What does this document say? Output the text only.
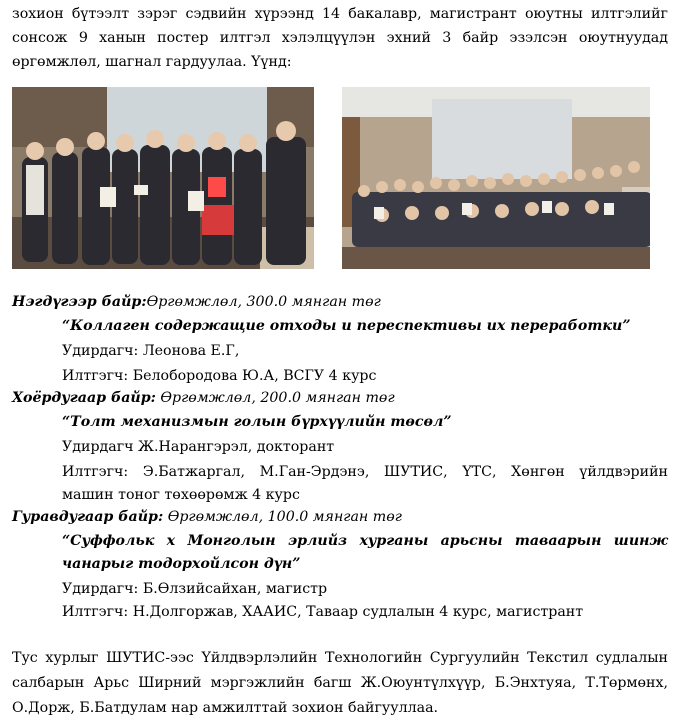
зохион бүтээлт зэрэг сэдвийн хүрээнд 14 бакалавр, магистрант оюутны илтгэлийг сонсож 9 ханын постер илтгэл хэлэлцүүлэн эхний 3 байр эзэлсэн оюутнуудад өргөмжлөл, шагнал гардуулаа. Үүнд:
Нэгдүгээр байр:Өргөмжлөл, 300.0 мянган төг
“Коллаген содержащие отходы и переспективы их переработки”
Удирдагч: Леонова Е.Г,
Илтгэгч: Белобородова Ю.А, ВСГУ 4 курс
Хоёрдугаар байр: Өргөмжлөл, 200.0 мянган төг
“Толт механизмын голын бүрхүүлийн төсөл”
Удирдагч Ж.Нарангэрэл, докторант
Илтгэгч: Э.Батжаргал, М.Ган-Эрдэнэ, ШУТИС, ҮТС, Хөнгөн үйлдвэрийн
машин тоног төхөөрөмж 4 курс
Гуравдугаар байр: Өргөмжлөл, 100.0 мянган төг
“Суффольк х Монголын эрлийз хурганы арьсны таваарын шинж
чанарыг тодорхойлсон дүн”
Удирдагч: Б.Өлзийсайхан, магистр
Илтгэгч: Н.Долгоржав, ХААИС, Таваар судлалын 4 курс, магистрант
Тус хурлыг ШУТИС-ээс Үйлдвэрлэлийн Технологийн Сургуулийн Текстил судлалын салбарын Арьс Ширний мэргэжлийн багш Ж.Оюунтүлхүүр, Б.Энхтуяа, Т.Төрмөнх, О.Дорж, Б.Батдулам нар амжилттай зохион байгууллаа.
